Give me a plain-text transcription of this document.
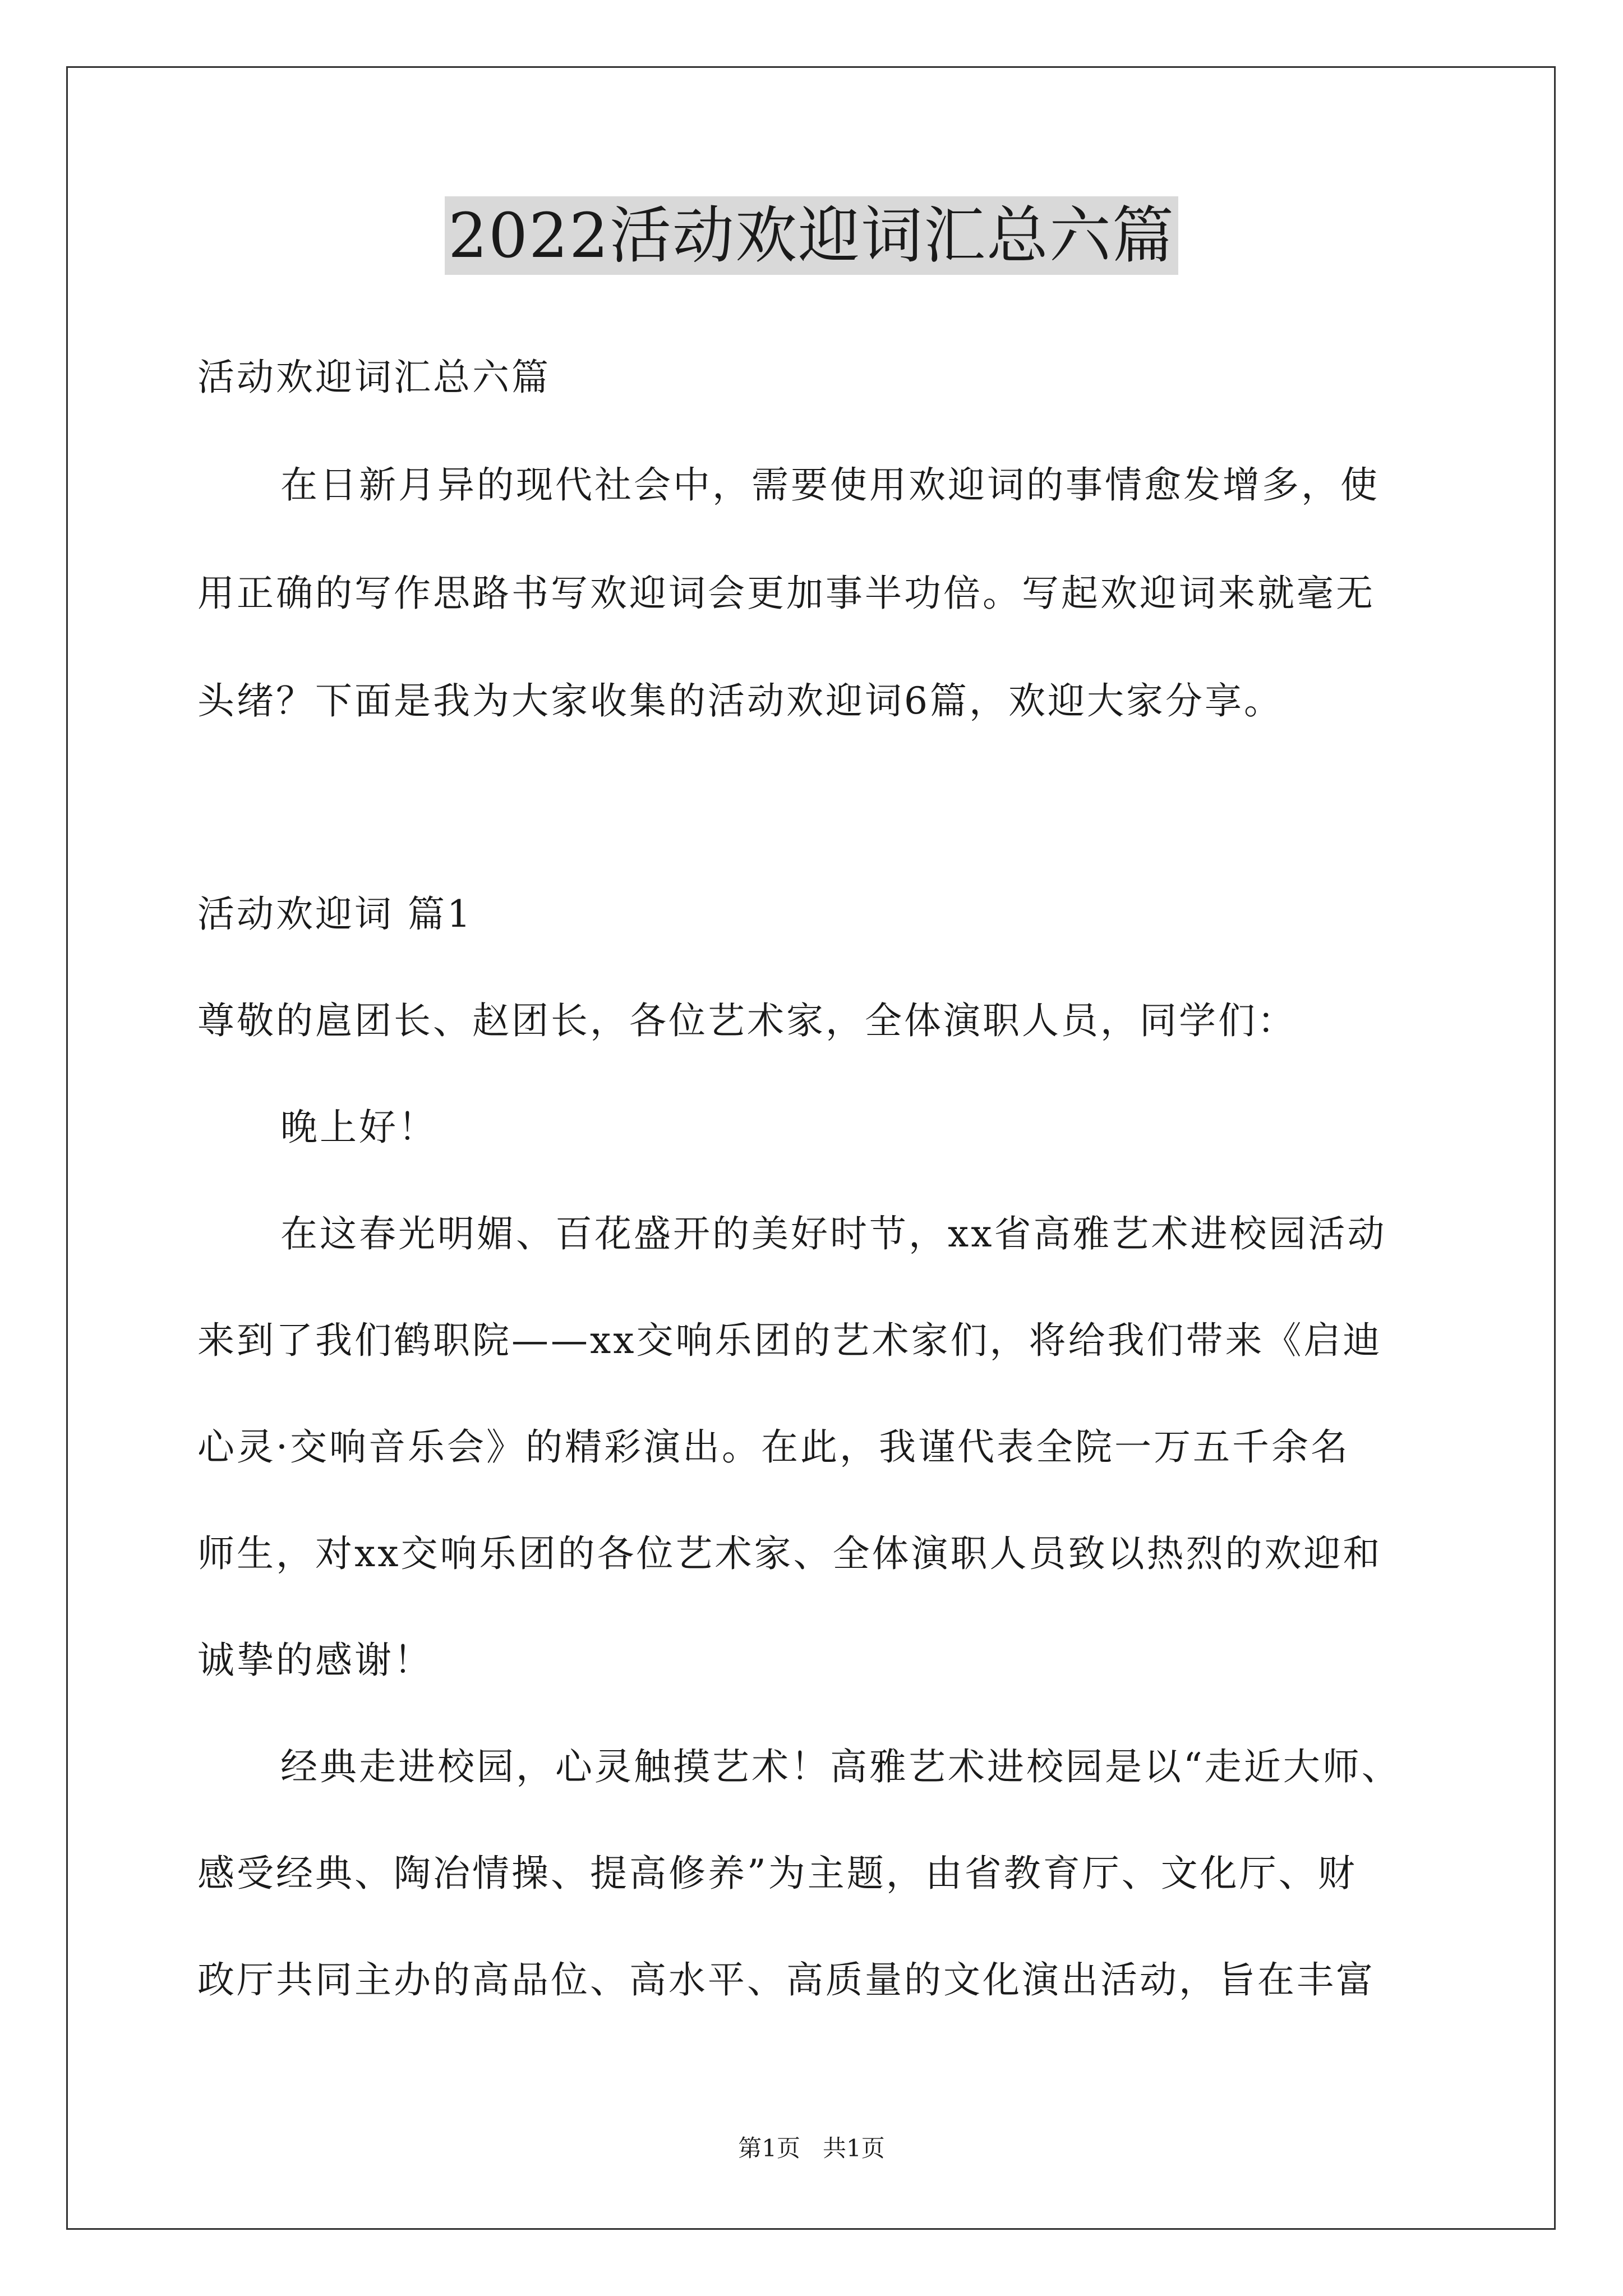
2022活动欢迎词汇总六篇
活动欢迎词汇总六篇
在日新月异的现代社会中，需要使用欢迎词的事情愈发增多，使
用正确的写作思路书写欢迎词会更加事半功倍。写起欢迎词来就毫无
头绪？下面是我为大家收集的活动欢迎词6篇，欢迎大家分享。
活动欢迎词 篇1
尊敬的扈团长、赵团长，各位艺术家，全体演职人员，同学们：
晚上好！
在这春光明媚、百花盛开的美好时节，xx省高雅艺术进校园活动
来到了我们鹤职院——xx交响乐团的艺术家们，将给我们带来《启迪
心灵·交响音乐会》的精彩演出。在此，我谨代表全院一万五千余名
师生，对xx交响乐团的各位艺术家、全体演职人员致以热烈的欢迎和
诚挚的感谢！
经典走进校园，心灵触摸艺术！高雅艺术进校园是以“走近大师、
感受经典、陶冶情操、提高修养”为主题，由省教育厅、文化厅、财
政厅共同主办的高品位、高水平、高质量的文化演出活动，旨在丰富
第1页   共1页
